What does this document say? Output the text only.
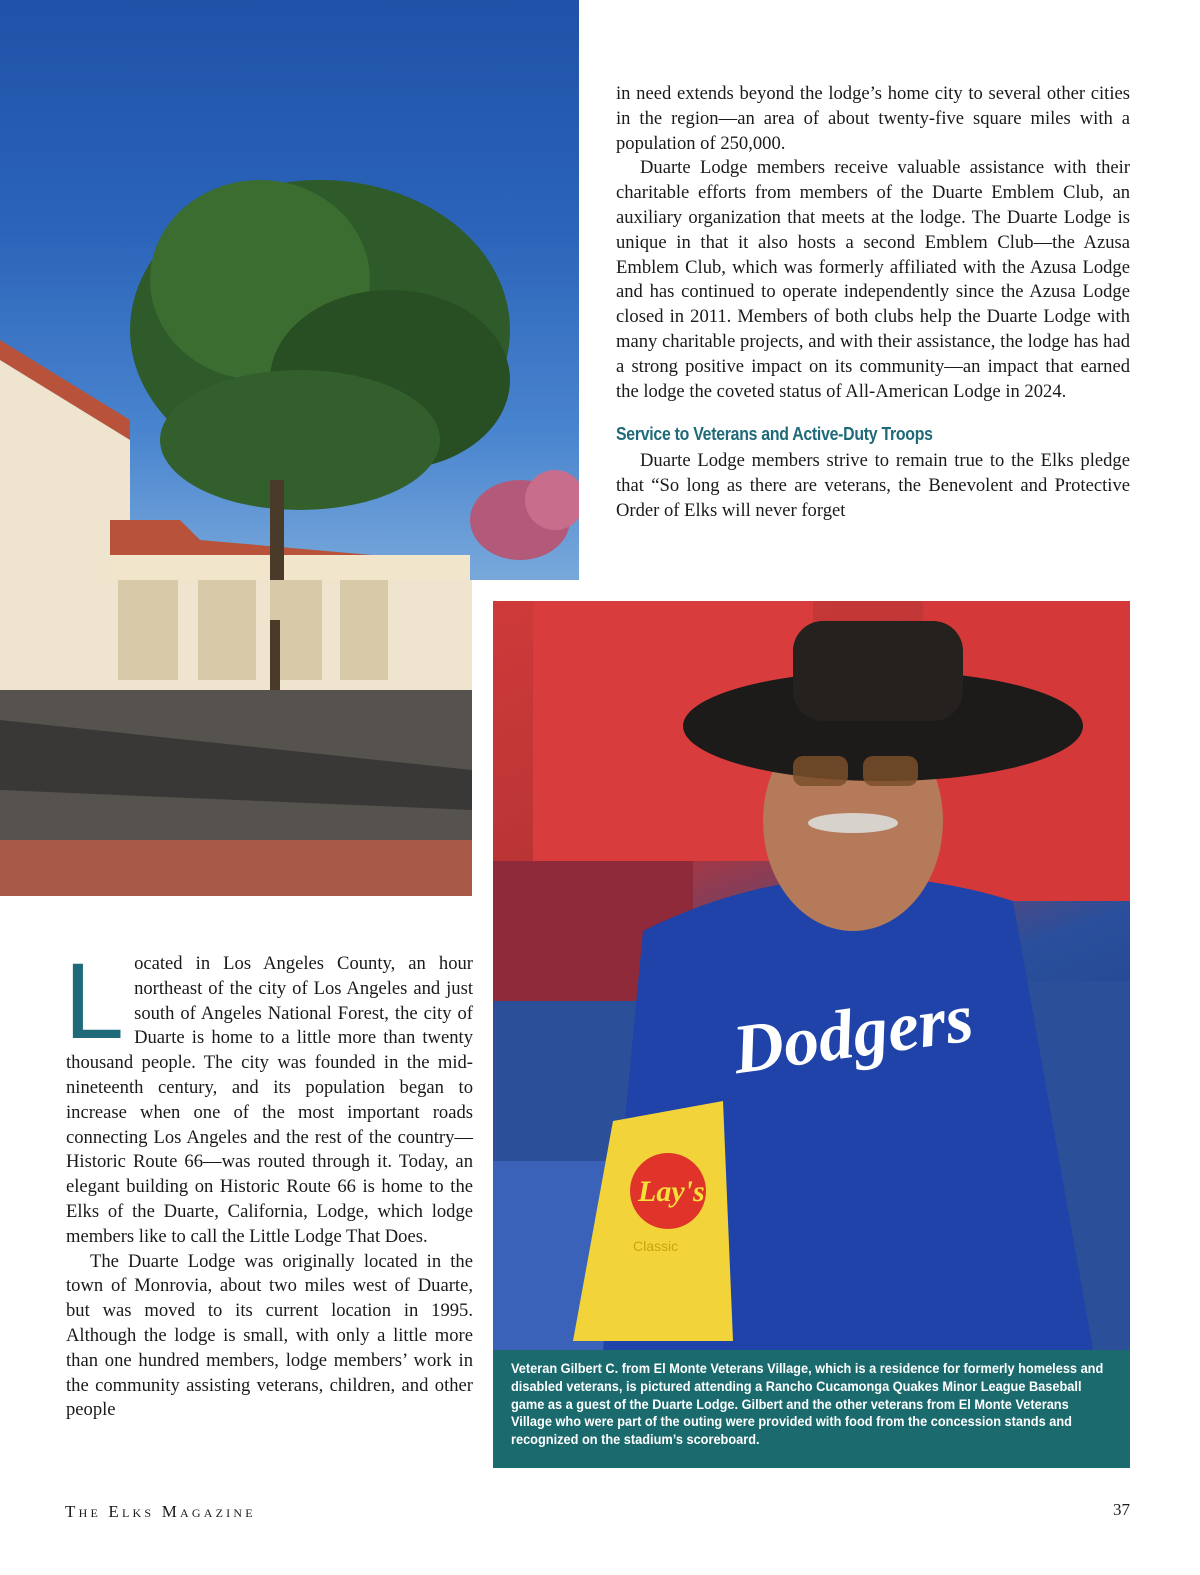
in need extends beyond the lodge’s home city to several other cities in the region—an area of about twenty-five square miles with a population of 250,000.

Duarte Lodge members receive valuable assistance with their charitable efforts from members of the Duarte Emblem Club, an auxiliary organization that meets at the lodge. The Duarte Lodge is unique in that it also hosts a second Emblem Club—the Azusa Emblem Club, which was formerly affiliated with the Azusa Lodge and has continued to operate independently since the Azusa Lodge closed in 2011. Members of both clubs help the Duarte Lodge with many charitable projects, and with their assistance, the lodge has had a strong positive impact on its community—an impact that earned the lodge the coveted status of All-American Lodge in 2024.

Service to Veterans and Active-Duty Troops

Duarte Lodge members strive to remain true to the Elks pledge that “So long as there are veterans, the Benevolent and Protective Order of Elks will never forget

Dodgers
Lay's
Classic

Veteran Gilbert C. from El Monte Veterans Village, which is a residence for formerly homeless and disabled veterans, is pictured attending a Rancho Cucamonga Quakes Minor League Baseball game as a guest of the Duarte Lodge. Gilbert and the other veterans from El Monte Veterans Village who were part of the outing were provided with food from the concession stands and recognized on the stadium’s scoreboard.

L ocated in Los Angeles County, an hour northeast of the city of Los Angeles and just south of Angeles National Forest, the city of Duarte is home to a little more than twenty thousand people. The city was founded in the mid-nineteenth century, and its population began to increase when one of the most important roads connecting Los Angeles and the rest of the country—Historic Route 66—was routed through it. Today, an elegant building on Historic Route 66 is home to the Elks of the Duarte, California, Lodge, which lodge members like to call the Little Lodge That Does.

The Duarte Lodge was originally located in the town of Monrovia, about two miles west of Duarte, but was moved to its current location in 1995. Although the lodge is small, with only a little more than one hundred members, lodge members’ work in the community assisting veterans, children, and other people

The Elks Magazine	37
